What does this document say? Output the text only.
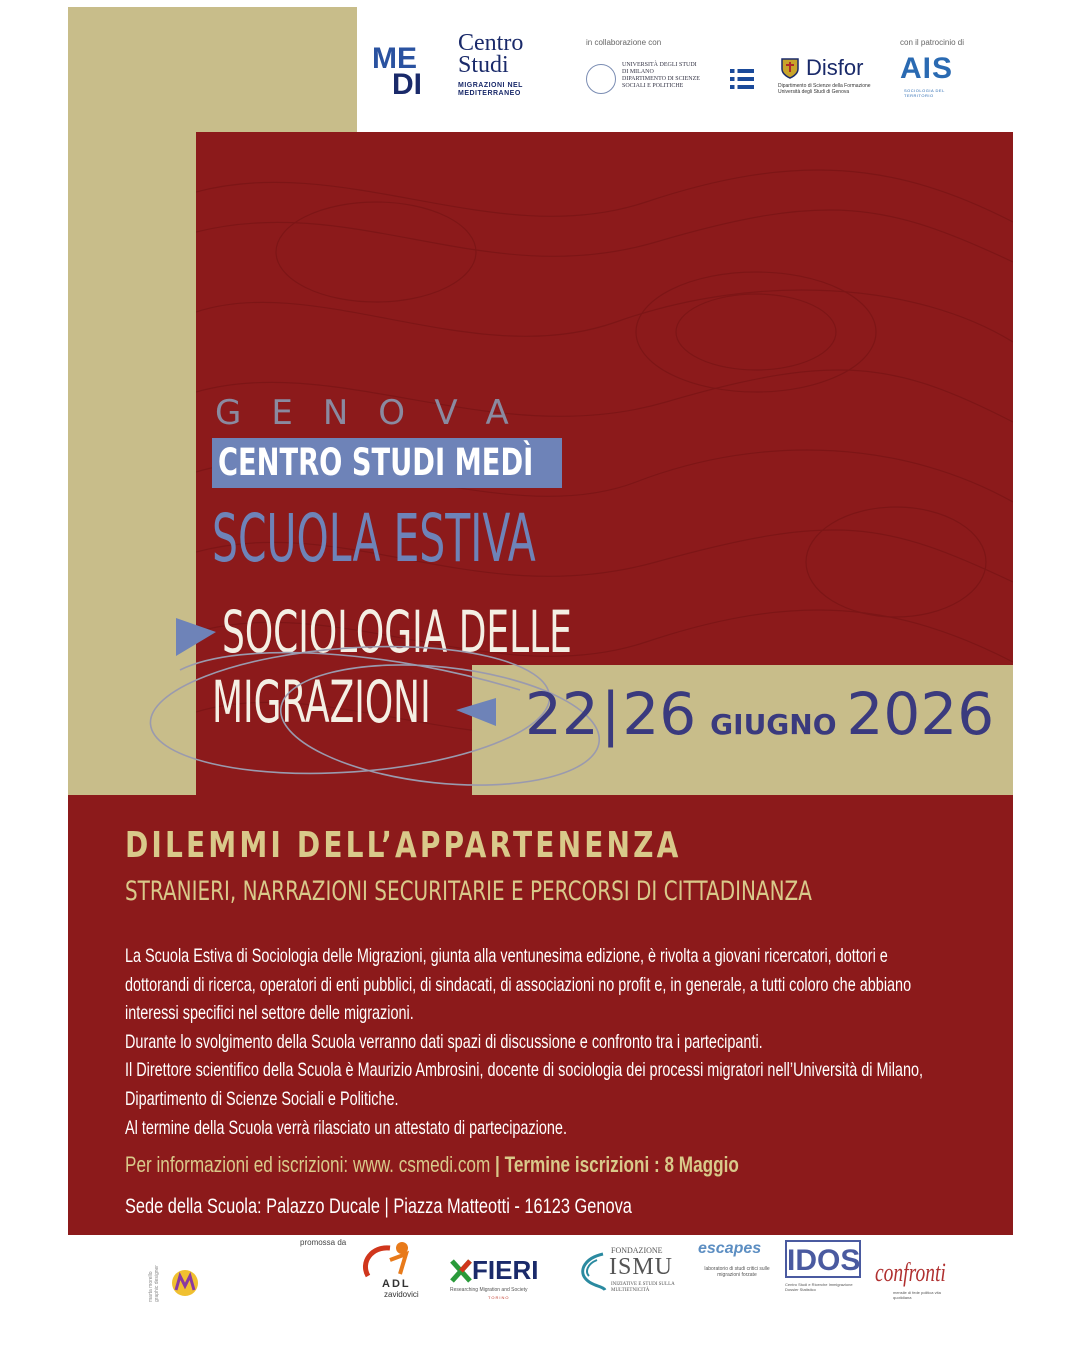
ME
DI
Centro
Studi
MIGRAZIONI NEL
MEDITERRANEO
in collaborazione con
UNIVERSITÀ DEGLI STUDI
DI MILANO
DIPARTIMENTO DI SCIENZE
SOCIALI E POLITICHE
Disfor
Dipartimento di Scienze della Formazione
Università degli Studi di Genova
con il patrocinio di
AIS
SOCIOLOGIA DEL TERRITORIO
GENOVA
CENTRO STUDI MEDÌ
SCUOLA ESTIVA
SOCIOLOGIA DELLE
MIGRAZIONI 22|26 GIUGNO 2026
DILEMMI DELL’APPARTENENZA
STRANIERI, NARRAZIONI SECURITARIE E PERCORSI DI CITTADINANZA

La Scuola Estiva di Sociologia delle Migrazioni, giunta alla ventunesima edizione, è rivolta a giovani ricercatori, dottori e dottorandi di ricerca, operatori di enti pubblici, di sindacati, di associazioni no profit e, in generale, a tutti coloro che abbiano interessi specifici nel settore delle migrazioni.

Durante lo svolgimento della Scuola verranno dati spazi di discussione e confronto tra i partecipanti.

Il Direttore scientifico della Scuola è Maurizio Ambrosini, docente di sociologia dei processi migratori nell’Università di Milano, Dipartimento di Scienze Sociali e Politiche.

Al termine della Scuola verrà rilasciato un attestato di partecipazione.

Per informazioni ed iscrizioni: www. csmedi.com | Termine iscrizioni : 8 Maggio
Sede della Scuola: Palazzo Ducale | Piazza Matteotti - 16123 Genova
marta morello graphic designer
promossa da
ADL
zavidovici
FIERI
Researching Migration and Society
TORINO
FONDAZIONE
ISMU
INIZIATIVE E STUDI SULLA MULTIETNICITÀ
escapes
laboratorio di studi critici sulle migrazioni forzate	IDOS
Centro Studi e Ricerche Immigrazione Dossier Statistico
confronti
mensile di fede politica vita quotidiana
